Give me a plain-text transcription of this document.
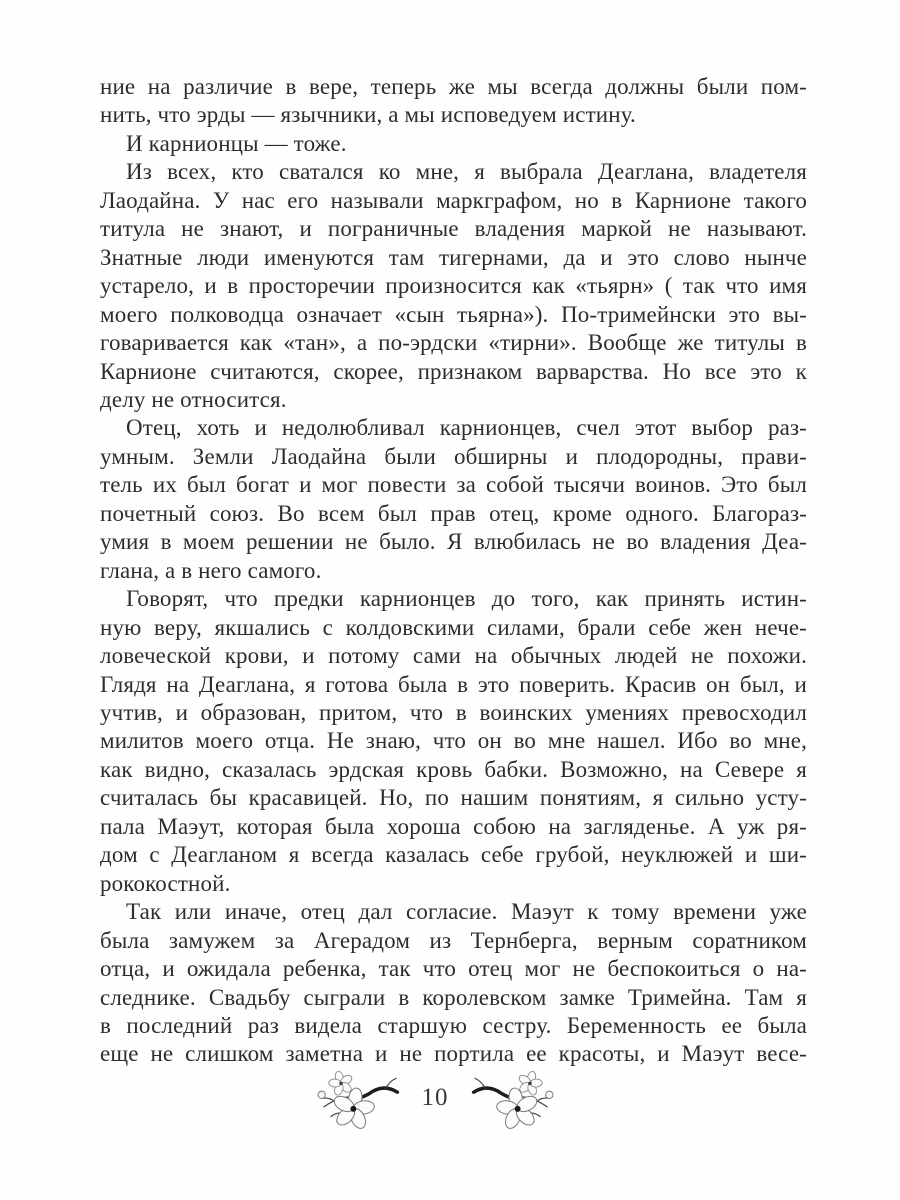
ние на различие в вере, теперь же мы всегда должны были пом-
нить, что эрды — язычники, а мы исповедуем истину.
И карнионцы — тоже.
Из всех, кто сватался ко мне, я выбрала Деаглана, владетеля
Лаодайна. У нас его называли маркграфом, но в Карнионе такого
титула не знают, и пограничные владения маркой не называют.
Знатные люди именуются там тигернами, да и это слово нынче
устарело, и в просторечии произносится как «тьярн» ( так что имя
моего полководца означает «сын тьярна»). По-тримейнски это вы-
говаривается как «тан», а по-эрдски «тирни». Вообще же титулы в
Карнионе считаются, скорее, признаком варварства. Но все это к
делу не относится.
Отец, хоть и недолюбливал карнионцев, счел этот выбор раз-
умным. Земли Лаодайна были обширны и плодородны, прави-
тель их был богат и мог повести за собой тысячи воинов. Это был
почетный союз. Во всем был прав отец, кроме одного. Благораз-
умия в моем решении не было. Я влюбилась не во владения Деа-
глана, а в него самого.
Говорят, что предки карнионцев до того, как принять истин-
ную веру, якшались с колдовскими силами, брали себе жен нече-
ловеческой крови, и потому сами на обычных людей не похожи.
Глядя на Деаглана, я готова была в это поверить. Красив он был, и
учтив, и образован, притом, что в воинских умениях превосходил
милитов моего отца. Не знаю, что он во мне нашел. Ибо во мне,
как видно, сказалась эрдская кровь бабки. Возможно, на Севере я
считалась бы красавицей. Но, по нашим понятиям, я сильно усту-
пала Маэут, которая была хороша собою на загляденье. А уж ря-
дом с Деагланом я всегда казалась себе грубой, неуклюжей и ши-
рококостной.
Так или иначе, отец дал согласие. Маэут к тому времени уже
была замужем за Агерадом из Тернберга, верным соратником
отца, и ожидала ребенка, так что отец мог не беспокоиться о на-
следнике. Свадьбу сыграли в королевском замке Тримейна. Там я
в последний раз видела старшую сестру. Беременность ее была
еще не слишком заметна и не портила ее красоты, и Маэут весе-
10
